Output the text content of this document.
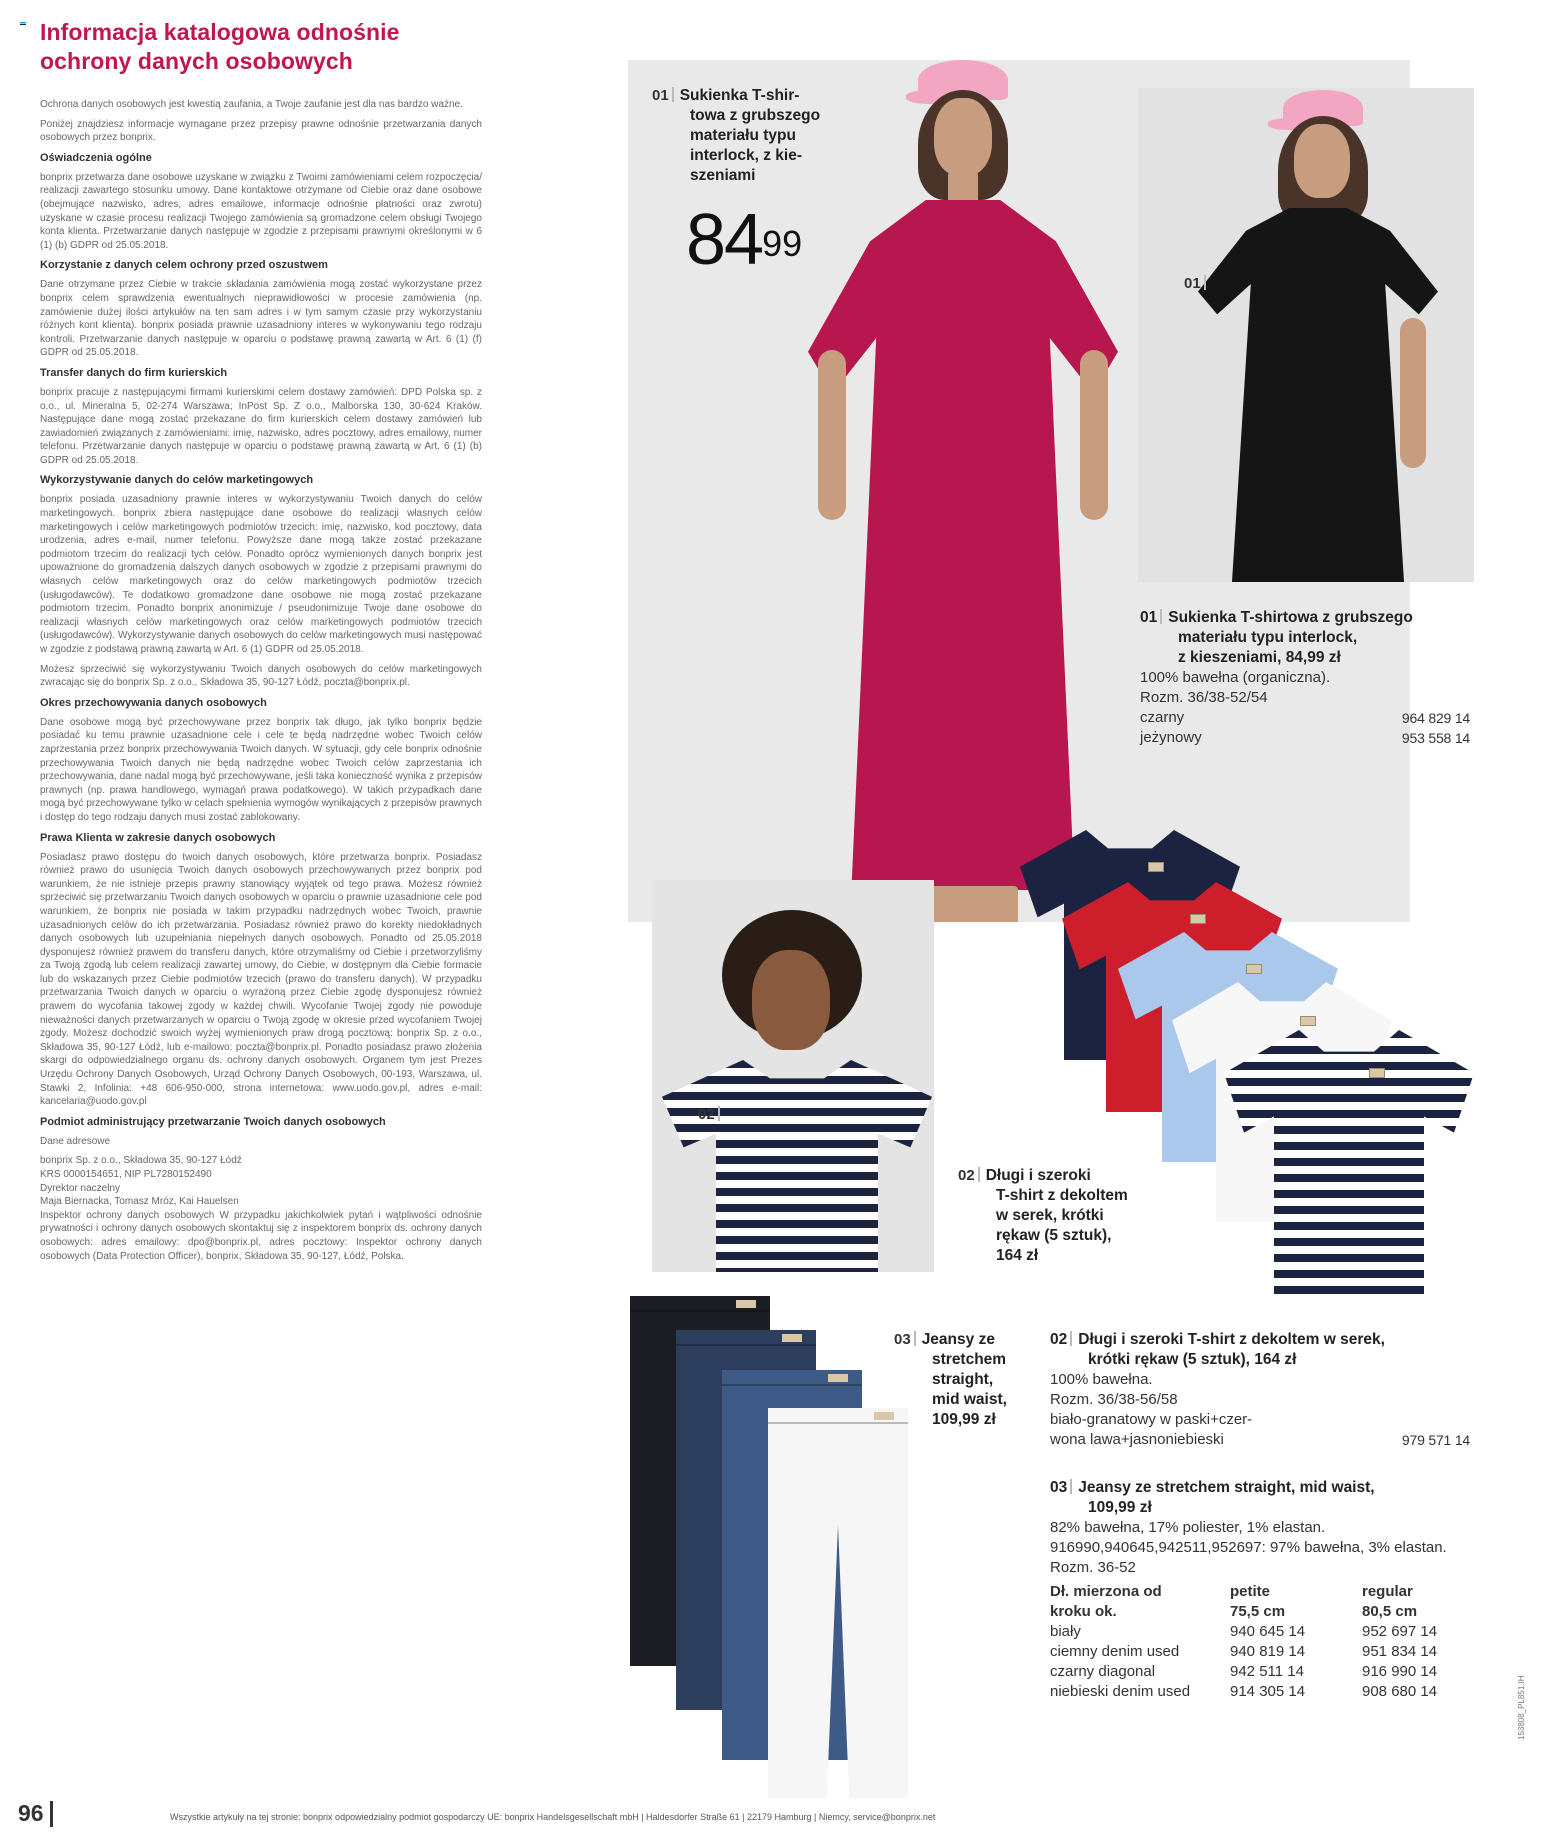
Informacja katalogowa odnośnie
ochrony danych osobowych

Ochrona danych osobowych jest kwestią zaufania, a Twoje zaufanie jest dla nas bardzo ważne.

Poniżej znajdziesz informacje wymagane przez przepisy prawne odnośnie przetwarzania danych osobowych przez bonprix.

Oświadczenia ogólne

bonprix przetwarza dane osobowe uzyskane w związku z Twoimi zamówieniami celem rozpoczęcia/ realizacji zawartego stosunku umowy. Dane kontaktowe otrzymane od Ciebie oraz dane osobowe (obejmujące nazwisko, adres, adres emailowe, informacje odnośnie płatności oraz zwrotu) uzyskane w czasie procesu realizacji Twojego zamówienia są gromadzone celem obsługi Twojego konta klienta. Przetwarzanie danych następuje w zgodzie z przepisami prawnymi określonymi w 6 (1) (b) GDPR od 25.05.2018.

Korzystanie z danych celem ochrony przed oszustwem

Dane otrzymane przez Ciebie w trakcie składania zamówienia mogą zostać wykorzystane przez bonprix celem sprawdzenia ewentualnych nieprawidłowości w procesie zamówienia (np. zamówienie dużej ilości artykułów na ten sam adres i w tym samym czasie przy wykorzystaniu różnych kont klienta). bonprix posiada prawnie uzasadniony interes w wykonywaniu tego rodzaju kontroli. Przetwarzanie danych następuje w oparciu o podstawę prawną zawartą w Art. 6 (1) (f) GDPR od 25.05.2018.

Transfer danych do firm kurierskich

bonprix pracuje z następującymi firmami kurierskimi celem dostawy zamówień: DPD Polska sp. z o.o., ul. Mineralna 5, 02-274 Warszawa; InPost Sp. Z o.o., Malborska 130, 30-624 Kraków. Następujące dane mogą zostać przekazane do firm kurierskich celem dostawy zamówień lub zawiadomień związanych z zamówieniami: imię, nazwisko, adres pocztowy, adres emailowy, numer telefonu. Przetwarzanie danych następuje w oparciu o podstawę prawną zawartą w Art. 6 (1) (b) GDPR od 25.05.2018.

Wykorzystywanie danych do celów marketingowych

bonprix posiada uzasadniony prawnie interes w wykorzystywaniu Twoich danych do celów marketingowych. bonprix zbiera następujące dane osobowe do realizacji własnych celów marketingowych i celów marketingowych podmiotów trzecich: imię, nazwisko, kod pocztowy, data urodzenia, adres e-mail, numer telefonu. Powyższe dane mogą także zostać przekazane podmiotom trzecim do realizacji tych celów. Ponadto oprócz wymienionych danych bonprix jest upoważnione do gromadzenia dalszych danych osobowych w zgodzie z przepisami prawnymi do własnych celów marketingowych oraz do celów marketingowych podmiotów trzecich (usługodawców). Te dodatkowo gromadzone dane osobowe nie mogą zostać przekazane podmiotom trzecim. Ponadto bonprix anonimizuje / pseudonimizuje Twoje dane osobowe do realizacji własnych celów marketingowych oraz celów marketingowych podmiotów trzecich (usługodawców). Wykorzystywanie danych osobowych do celów marketingowych musi następować w zgodzie z podstawą prawną zawartą w Art. 6 (1) GDPR od 25.05.2018.

Możesz sprzeciwić się wykorzystywaniu Twoich danych osobowych do celów marketingowych zwracając się do bonprix Sp. z o.o., Składowa 35, 90-127 Łódź, poczta@bonprix.pl.

Okres przechowywania danych osobowych

Dane osobowe mogą być przechowywane przez bonprix tak długo, jak tylko bonprix będzie posiadać ku temu prawnie uzasadnione cele i cele te będą nadrzędne wobec Twoich celów zaprzestania przez bonprix przechowywania Twoich danych. W sytuacji, gdy cele bonprix odnośnie przechowywania Twoich danych nie będą nadrzędne wobec Twoich celów zaprzestania ich przechowywania, dane nadal mogą być przechowywane, jeśli taka konieczność wynika z przepisów prawnych (np. prawa handlowego, wymagań prawa podatkowego). W takich przypadkach dane mogą być przechowywane tylko w celach spełnienia wymogów wynikających z przepisów prawnych i dostęp do tego rodzaju danych musi zostać zablokowany.

Prawa Klienta w zakresie danych osobowych

Posiadasz prawo dostępu do twoich danych osobowych, które przetwarza bonprix. Posiadasz również prawo do usunięcia Twoich danych osobowych przechowywanych przez bonprix pod warunkiem, że nie istnieje przepis prawny stanowiący wyjątek od tego prawa. Możesz również sprzeciwić się przetwarzaniu Twoich danych osobowych w oparciu o prawnie uzasadnione cele pod warunkiem, że bonprix nie posiada w takim przypadku nadrzędnych wobec Twoich, prawnie uzasadnionych celów do ich przetwarzania. Posiadasz również prawo do korekty niedokładnych danych osobowych lub uzupełniania niepełnych danych osobowych. Ponadto od 25.05.2018 dysponujesz również prawem do transferu danych, które otrzymaliśmy od Ciebie i przetworzyliśmy za Twoją zgodą lub celem realizacji zawartej umowy, do Ciebie, w dostępnym dla Ciebie formacie lub do wskazanych przez Ciebie podmiotów trzecich (prawo do transferu danych). W przypadku przetwarzania Twoich danych w oparciu o wyrażoną przez Ciebie zgodę dysponujesz również prawem do wycofania takowej zgody w każdej chwili. Wycofanie Twojej zgody nie powoduje nieważności danych przetwarzanych w oparciu o Twoją zgodę w okresie przed wycofaniem Twojej zgody. Możesz dochodzić swoich wyżej wymienionych praw drogą pocztową: bonprix Sp. z o.o., Składowa 35, 90-127 Łódź, lub e-mailowo: poczta@bonprix.pl. Ponadto posiadasz prawo złożenia skargi do odpowiedzialnego organu ds. ochrony danych osobowych. Organem tym jest Prezes Urzędu Ochrony Danych Osobowych, Urząd Ochrony Danych Osobowych, 00-193, Warszawa, ul. Stawki 2, Infolinia: +48 606-950-000, strona internetowa: www.uodo.gov.pl, adres e-mail: kancelaria@uodo.gov.pl

Podmiot administrujący przetwarzanie Twoich danych osobowych

Dane adresowe

bonprix Sp. z o.o., Składowa 35, 90-127 Łódź
KRS 0000154651, NIP PL7280152490
Dyrektor naczelny
Maja Biernacka, Tomasz Mróz, Kai Hauelsen

Inspektor ochrony danych osobowych W przypadku jakichkolwiek pytań i wątpliwości odnośnie prywatności i ochrony danych osobowych skontaktuj się z inspektorem bonprix ds. ochrony danych osobowych: adres emailowy: dpo@bonprix.pl, adres pocztowy: Inspektor ochrony danych osobowych (Data Protection Officer), bonprix, Składowa 35, 90-127, Łódź, Polska.

01 Sukienka T-shir-
towa z grubszego
materiału typu
interlock, z kie-
szeniami
$84^{99}$
01
01 Sukienka T-shirtowa z grubszego
materiału typu interlock,
z kieszeniami, 84,99 zł
100% bawełna (organiczna).
Rozm. 36/38-52/54
czarny	964 829 14
jeżynowy	953 558 14
02
02 Długi i szeroki
T-shirt z dekoltem
w serek, krótki
rękaw (5 sztuk),
164 zł
03 Jeansy ze
stretchem
straight,
mid waist,
109,99 zł
02 Długi i szeroki T-shirt z dekoltem w serek,
krótki rękaw (5 sztuk), 164 zł
100% bawełna.
Rozm. 36/38-56/58
biało-granatowy w paski+czer-
wona lawa+jasnoniebieski	979 571 14
03 Jeansy ze stretchem straight, mid waist,
109,99 zł
82% bawełna, 17% poliester, 1% elastan.
916990,940645,942511,952697: 97% bawełna, 3% elastan.
Rozm. 36-52
Dł. mierzona od	petite	regular
kroku ok.	75,5 cm	80,5 cm
biały	940 645 14	952 697 14
ciemny denim used	940 819 14	951 834 14
czarny diagonal	942 511 14	916 990 14
niebieski denim used	914 305 14	908 680 14	153808_PL851.IH
96	Wszystkie artykuły na tej stronie: bonprix odpowiedzialny podmiot gospodarczy UE: bonprix Handelsgesellschaft mbH | Haldesdorfer Straße 61 | 22179 Hamburg | Niemcy, service@bonprix.net
